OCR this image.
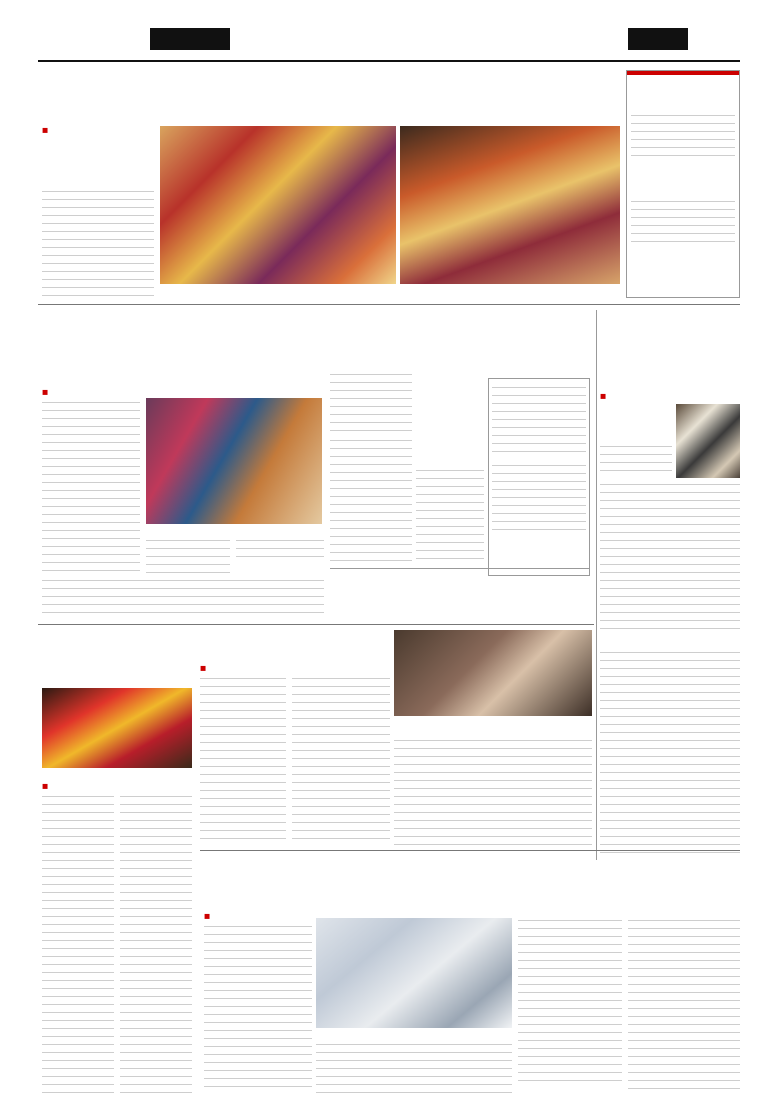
■
■	■
■
■
■
